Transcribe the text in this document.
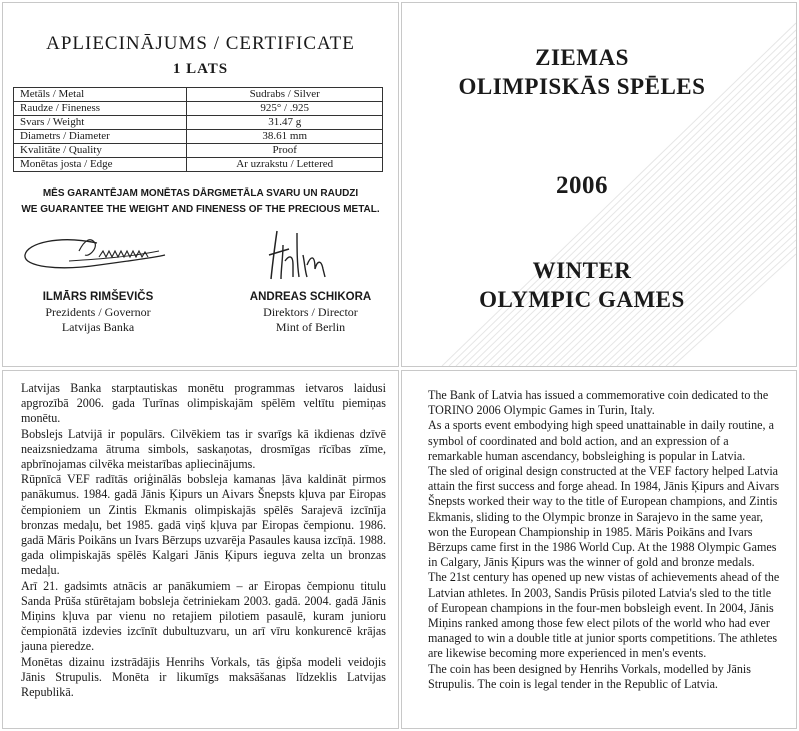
APLIECINĀJUMS / CERTIFICATE
1 LATS
Metāls / Metal	Sudrabs / Silver
Raudze / Fineness	925° / .925
Svars / Weight	31.47 g
Diametrs / Diameter	38.61 mm
Kvalitāte / Quality	Proof
Monētas josta / Edge	Ar uzrakstu / Lettered
MĒS GARANTĒJAM MONĒTAS DĀRGMETĀLA SVARU UN RAUDZI
WE GUARANTEE THE WEIGHT AND FINENESS OF THE PRECIOUS METAL.
ILMĀRS RIMŠEVIČS
Prezidents / Governor
Latvijas Banka
ANDREAS SCHIKORA
Direktors / Director
Mint of Berlin
ZIEMAS
OLIMPISKĀS SPĒLES
2006
WINTER
OLYMPIC GAMES

Latvijas Banka starptautiskas monētu programmas ietvaros laidusi apgrozībā 2006. gada Turīnas olimpiskajām spēlēm veltītu piemiņas monētu.

Bobslejs Latvijā ir populārs. Cilvēkiem tas ir svarīgs kā ikdienas dzīvē neaizsniedzama ātruma simbols, saskaņotas, drosmīgas rīcības zīme, apbrīnojamas cilvēka meistarības apliecinājums.

Rūpnīcā VEF radītās oriģinālās bobsleja kamanas ļāva kaldināt pirmos panākumus. 1984. gadā Jānis Ķipurs un Aivars Šnepsts kļuva par Eiropas čempioniem un Zintis Ekmanis olimpiskajās spēlēs Sarajevā izcīnīja bronzas medaļu, bet 1985. gadā viņš kļuva par Eiropas čempionu. 1986. gadā Māris Poikāns un Ivars Bērzups uzvarēja Pasaules kausa izcīņā. 1988. gada olimpiskajās spēlēs Kalgari Jānis Ķipurs ieguva zelta un bronzas medaļu.

Arī 21. gadsimts atnācis ar panākumiem – ar Eiropas čempionu titulu Sanda Prūša stūrētajam bobsleja četriniekam 2003. gadā. 2004. gadā Jānis Miņins kļuva par vienu no retajiem pilotiem pasaulē, kuram junioru čempionātā izdevies izcīnīt dubultuzvaru, un arī vīru konkurencē krājas jauna pieredze.

Monētas dizainu izstrādājis Henrihs Vorkals, tās ģipša modeli veidojis Jānis Strupulis. Monēta ir likumīgs maksāšanas līdzeklis Latvijas Republikā.

The Bank of Latvia has issued a commemorative coin dedicated to the TORINO 2006 Olympic Games in Turin, Italy.

As a sports event embodying high speed unattainable in daily routine, a symbol of coordinated and bold action, and an expression of a remarkable human ascendancy, bobsleighing is popular in Latvia.

The sled of original design constructed at the VEF factory helped Latvia attain the first success and forge ahead. In 1984, Jānis Ķipurs and Aivars Šnepsts worked their way to the title of European champions, and Zintis Ekmanis, sliding to the Olympic bronze in Sarajevo in the same year, won the European Championship in 1985. Māris Poikāns and Ivars Bērzups came first in the 1986 World Cup. At the 1988 Olympic Games in Calgary, Jānis Ķipurs was the winner of gold and bronze medals.

The 21st century has opened up new vistas of achievements ahead of the Latvian athletes. In 2003, Sandis Prūsis piloted Latvia's sled to the title of European champions in the four-men bobsleigh event. In 2004, Jānis Miņins ranked among those few elect pilots of the world who had ever managed to win a double title at junior sports competitions. The athletes are likewise becoming more experienced in men's events.

The coin has been designed by Henrihs Vorkals, modelled by Jānis Strupulis. The coin is legal tender in the Republic of Latvia.
